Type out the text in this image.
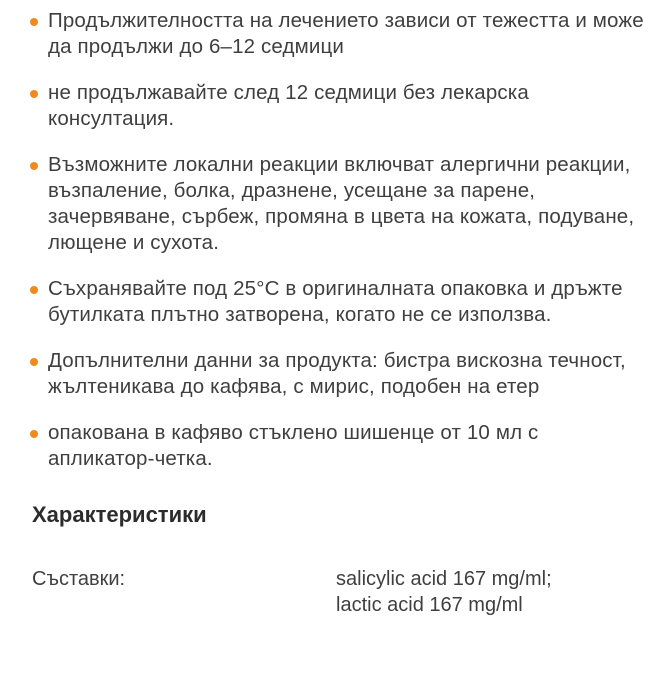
Продължителността на лечението зависи от тежестта и може да продължи до 6–12 седмици
не продължавайте след 12 седмици без лекарска консултация.
Възможните локални реакции включват алергични реакции, възпаление, болка, дразнене, усещане за парене, зачервяване, сърбеж, промяна в цвета на кожата, подуване, лющене и сухота.
Съхранявайте под 25°C в оригиналната опаковка и дръжте бутилката плътно затворена, когато не се използва.
Допълнителни данни за продукта: бистра вискозна течност, жълтеникава до кафява, с мирис, подобен на етер
опакована в кафяво стъклено шишенце от 10 мл с апликатор-четка.
Характеристики
Съставки:	salicylic acid 167 mg/ml;
lactic acid 167 mg/ml
